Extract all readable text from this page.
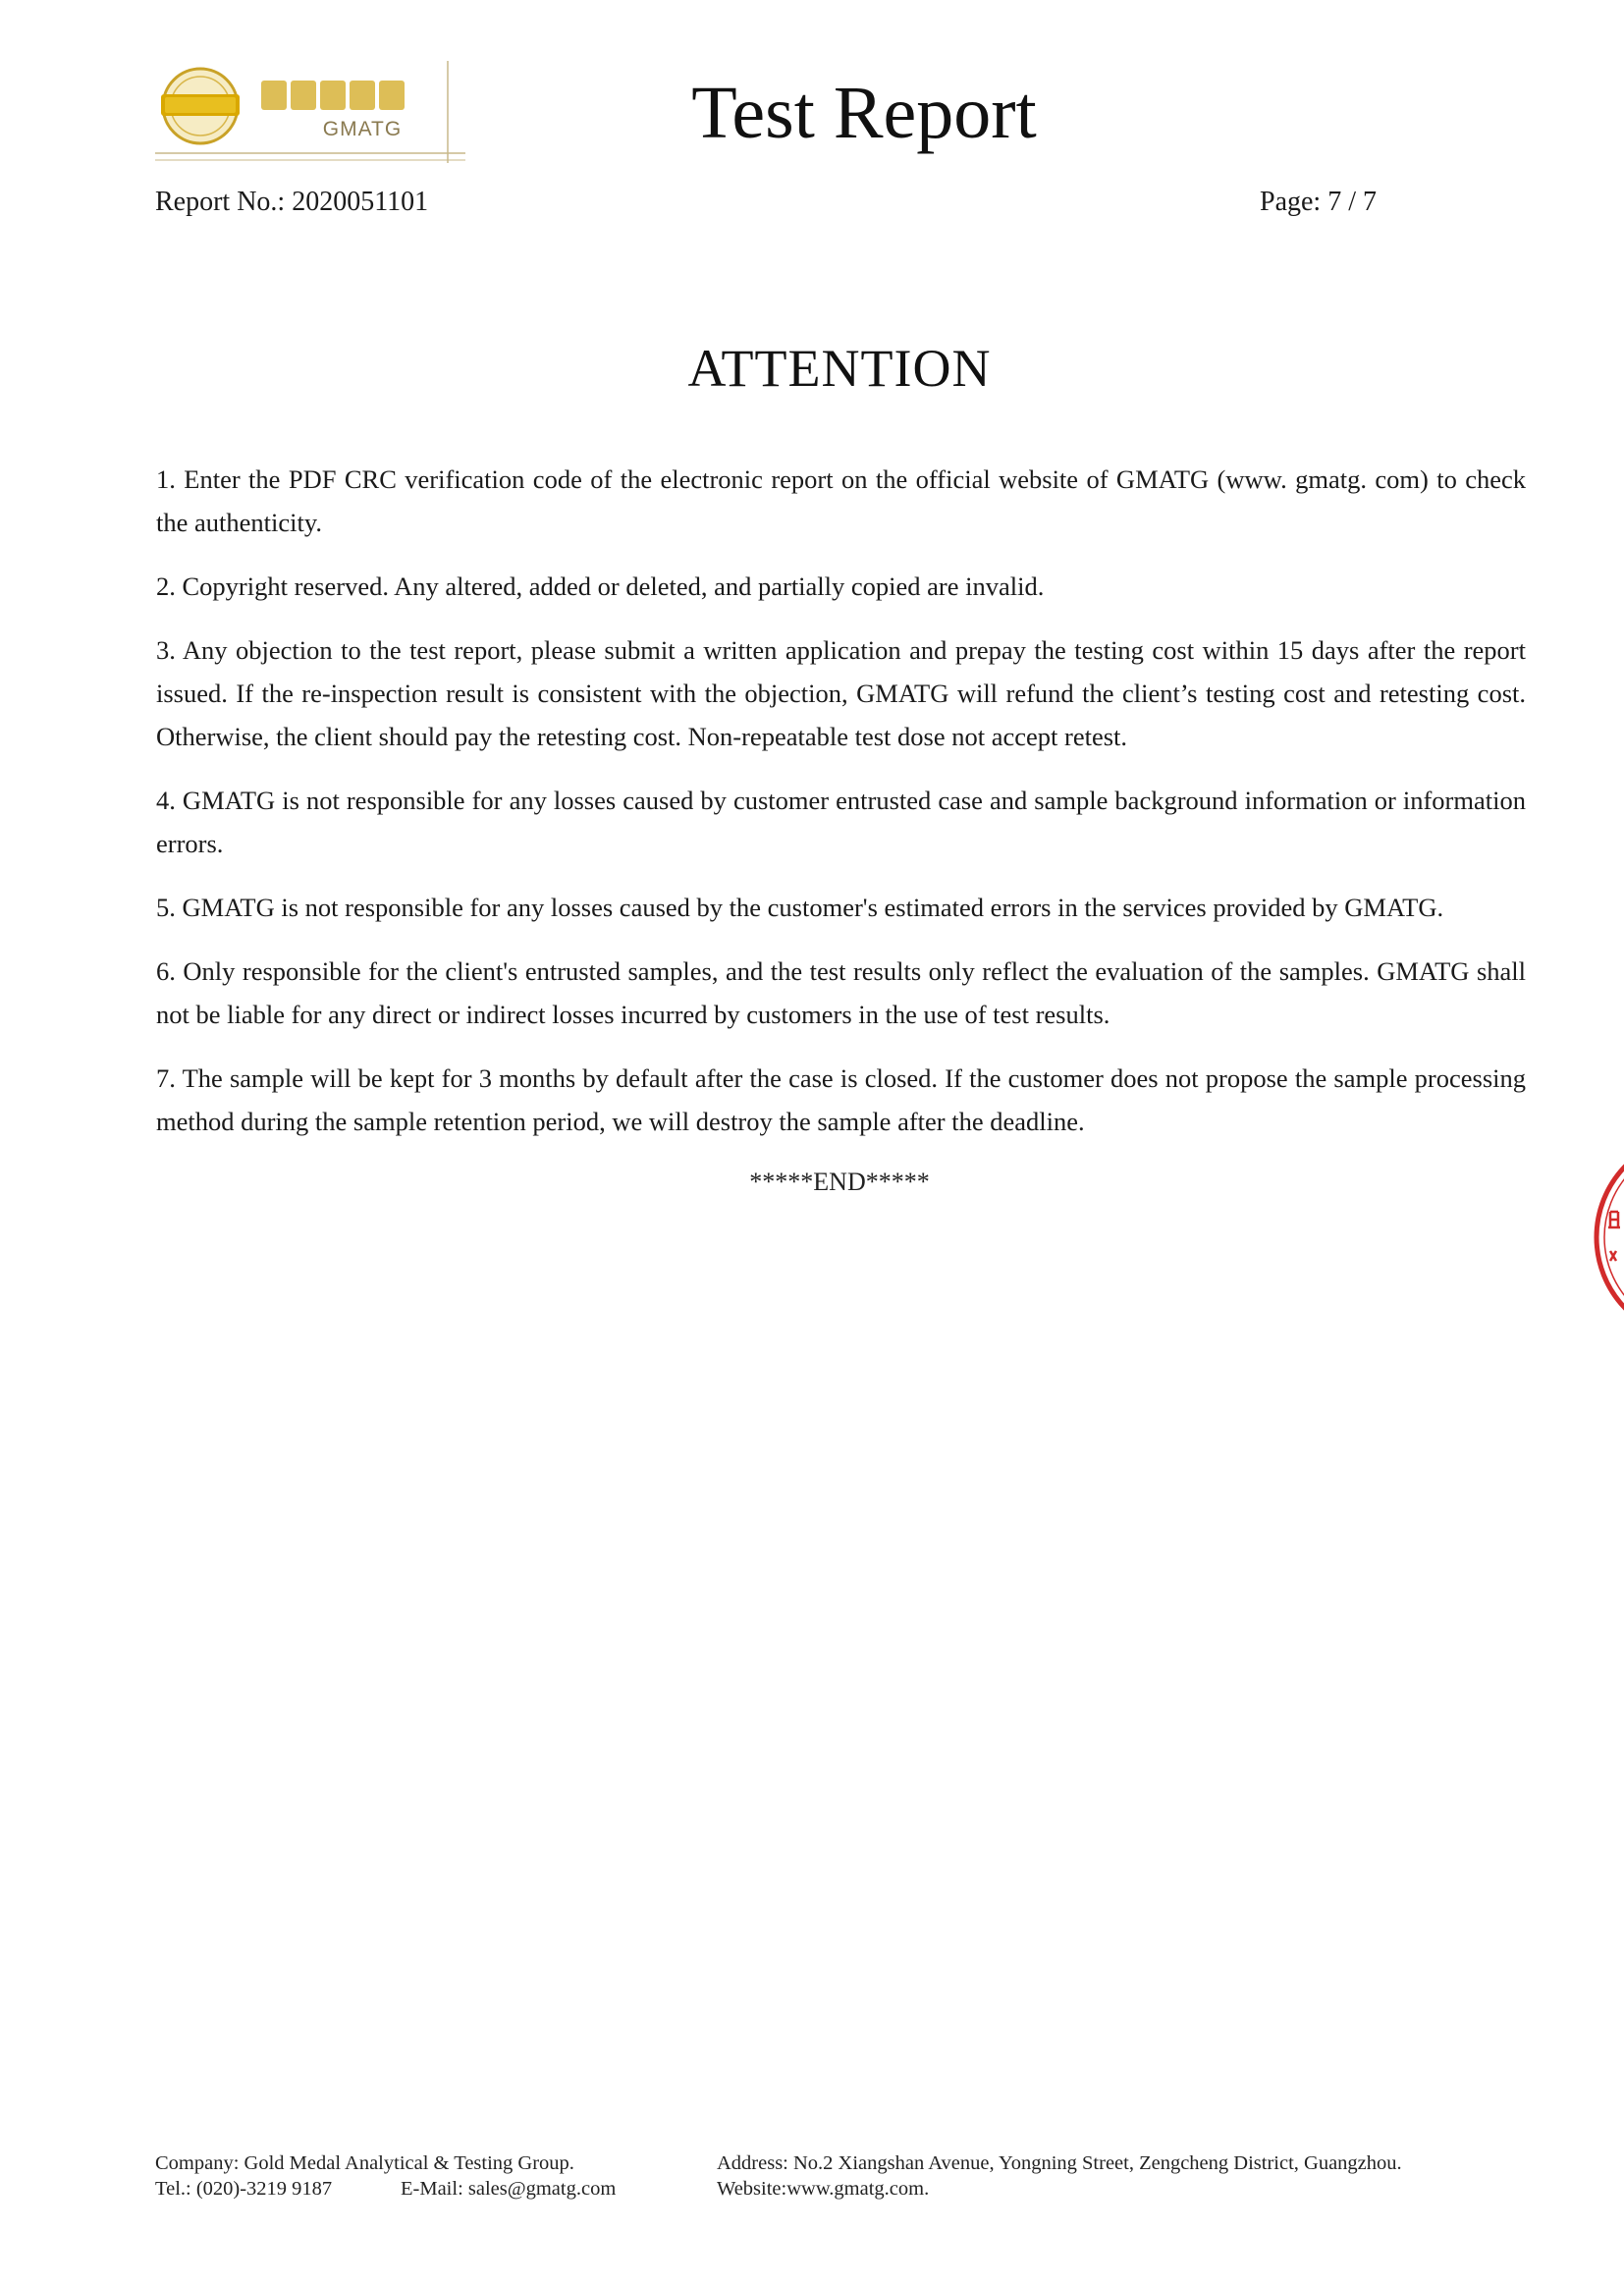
GMATG	Test Report
Report No.: 2020051101	Page: 7 / 7
ATTENTION
1. Enter the PDF CRC verification code of the electronic report on the official website of GMATG (www. gmatg. com) to check the authenticity.
2. Copyright reserved. Any altered, added or deleted, and partially copied are invalid.
3. Any objection to the test report, please submit a written application and prepay the testing cost within 15 days after the report issued. If the re-inspection result is consistent with the objection, GMATG will refund the client’s testing cost and retesting cost. Otherwise, the client should pay the retesting cost. Non-repeatable test dose not accept retest.
4. GMATG is not responsible for any losses caused by customer entrusted case and sample background information or information errors.
5. GMATG is not responsible for any losses caused by the customer's estimated errors in the services provided by GMATG.
6. Only responsible for the client's entrusted samples, and the test results only reflect the evaluation of the samples. GMATG shall not be liable for any direct or indirect losses incurred by customers in the use of test results.
7. The sample will be kept for 3 months by default after the case is closed. If the customer does not propose the sample processing method during the sample retention period, we will destroy the sample after the deadline.
*****END*****
Company: Gold Medal Analytical & Testing Group.	Address: No.2 Xiangshan Avenue, Yongning Street, Zengcheng District, Guangzhou.
Tel.: (020)-3219 9187	E-Mail: sales@gmatg.com	Website:www.gmatg.com.
